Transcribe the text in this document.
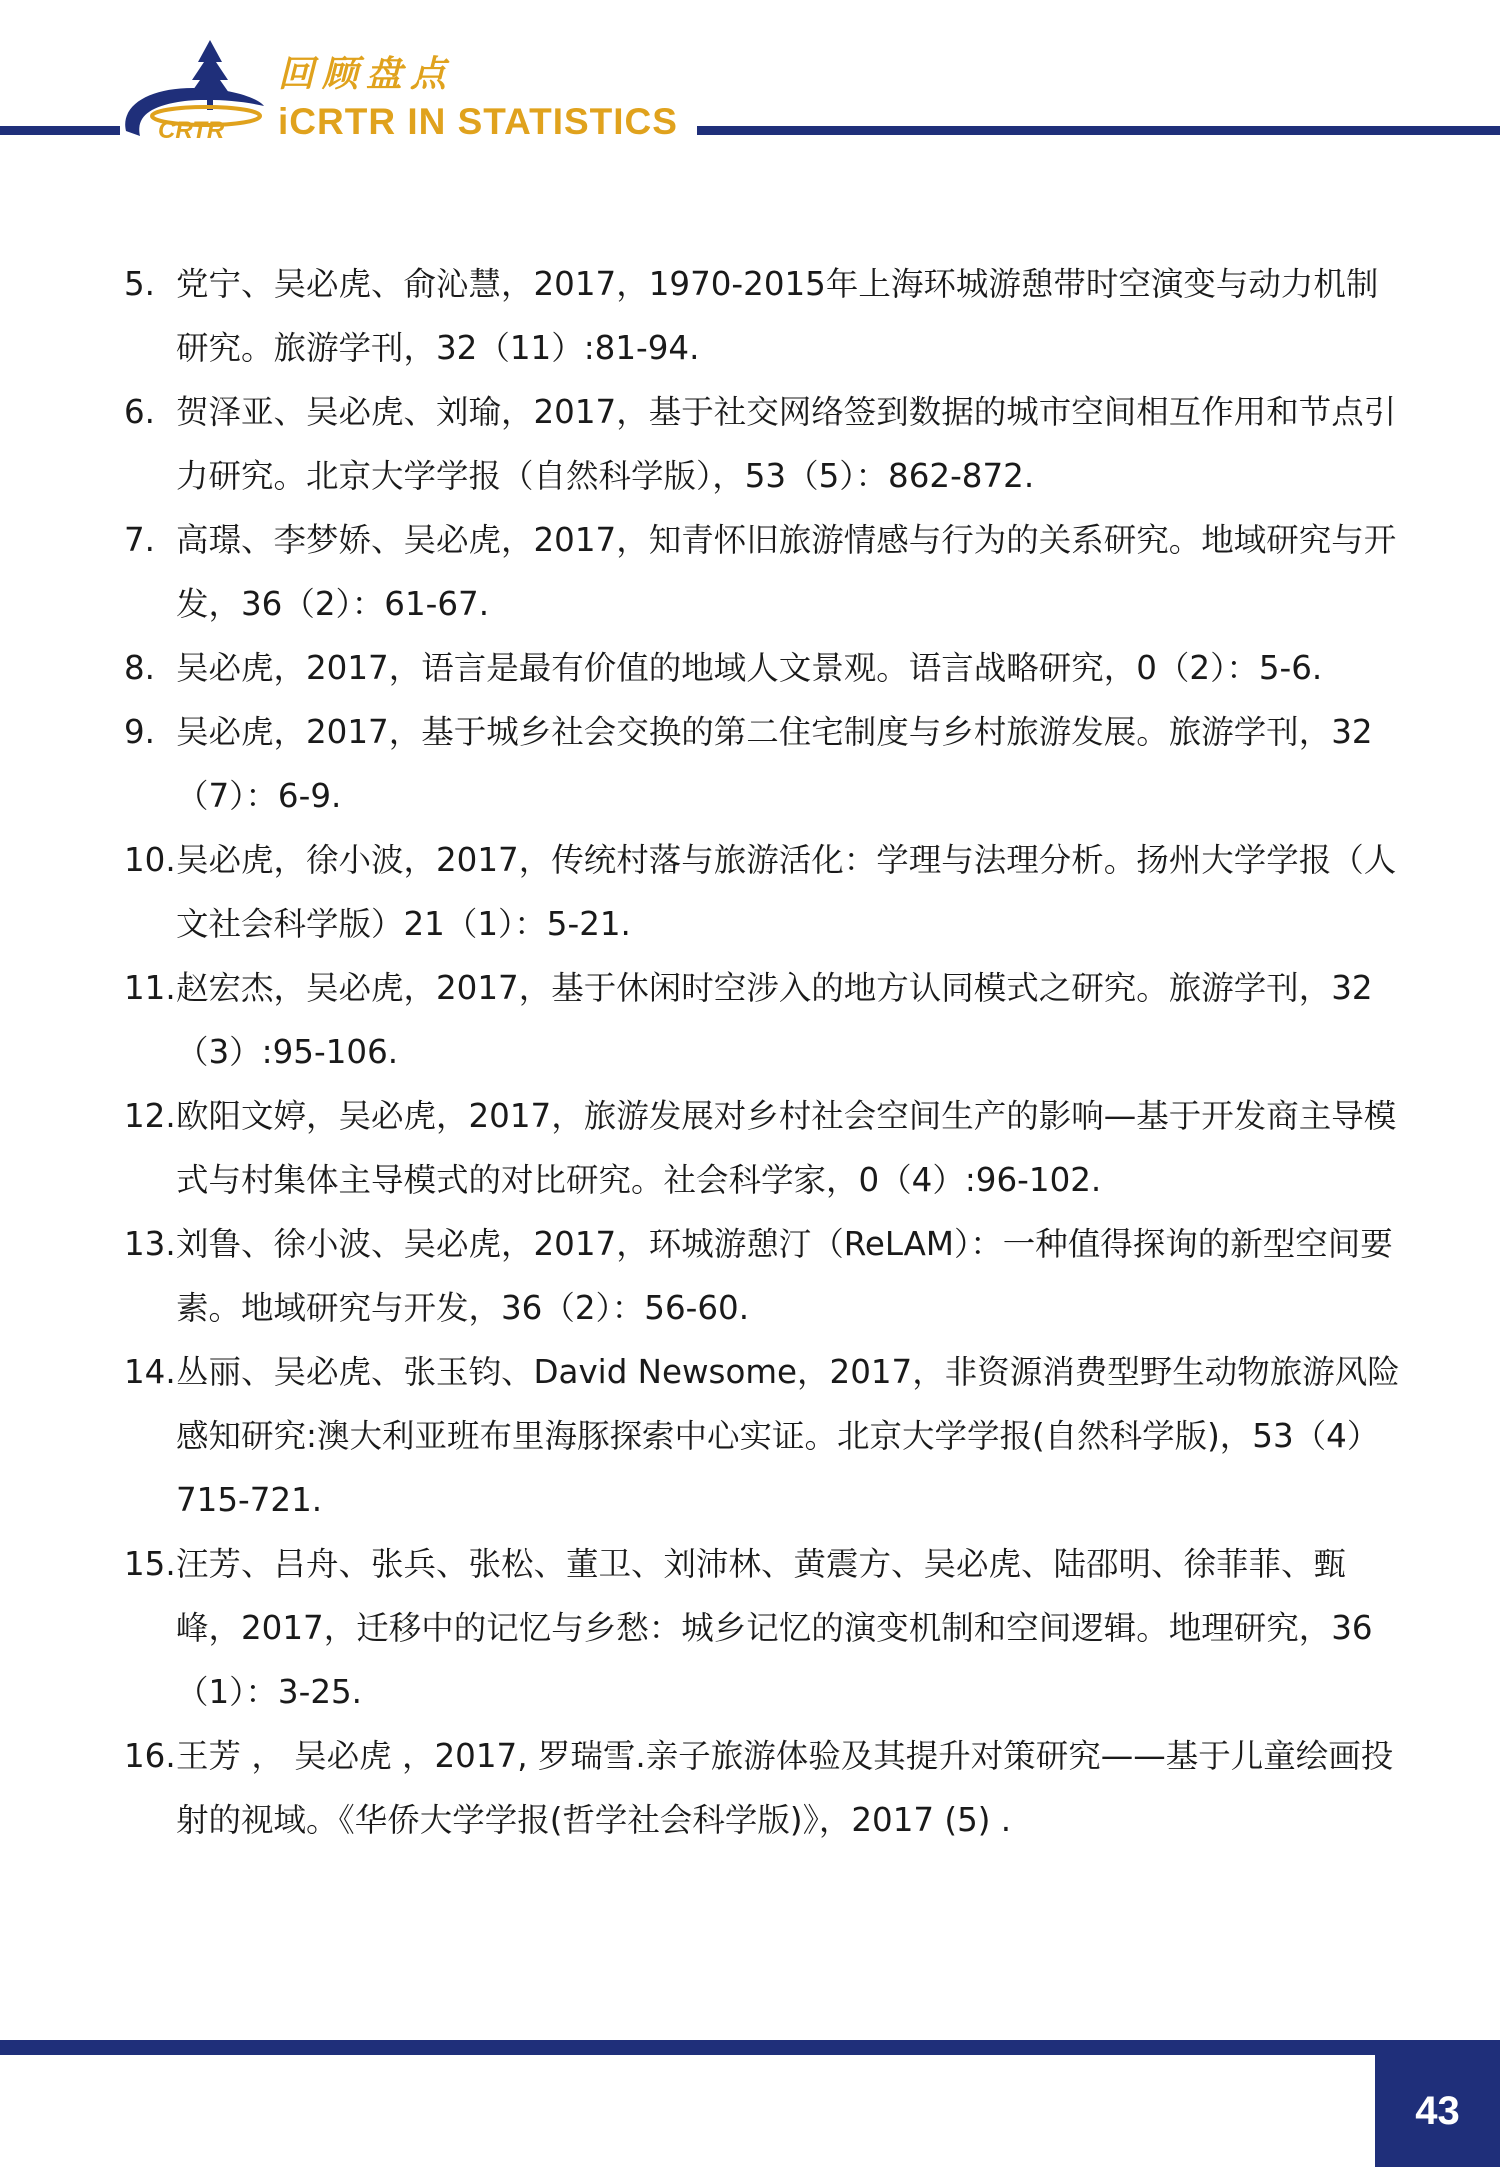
CRTR
回顾盘点
iCRTR IN STATISTICS
5. 党宁、吴必虎、俞沁慧，2017，1970-2015年上海环城游憩带时空演变与动力机制研究。旅游学刊，32（11）:81-94.
6. 贺泽亚、吴必虎、刘瑜，2017，基于社交网络签到数据的城市空间相互作用和节点引力研究。北京大学学报（自然科学版），53（5）：862-872.
7. 高璟、李梦娇、吴必虎，2017，知青怀旧旅游情感与行为的关系研究。地域研究与开发，36（2）：61-67.
8. 吴必虎，2017，语言是最有价值的地域人文景观。语言战略研究，0（2）：5-6.
9. 吴必虎，2017，基于城乡社会交换的第二住宅制度与乡村旅游发展。旅游学刊，32（7）：6-9.
10. 吴必虎，徐小波，2017，传统村落与旅游活化：学理与法理分析。扬州大学学报（人文社会科学版）21（1）：5-21.
11. 赵宏杰，吴必虎，2017，基于休闲时空涉入的地方认同模式之研究。旅游学刊，32（3）:95-106.
12. 欧阳文婷，吴必虎，2017，旅游发展对乡村社会空间生产的影响—基于开发商主导模式与村集体主导模式的对比研究。社会科学家，0（4）:96-102.
13. 刘鲁、徐小波、吴必虎，2017，环城游憩汀（ReLAM）：一种值得探询的新型空间要素。地域研究与开发，36（2）：56-60.
14. 丛丽、吴必虎、张玉钧、David Newsome，2017，非资源消费型野生动物旅游风险感知研究:澳大利亚班布里海豚探索中心实证。北京大学学报(自然科学版)，53（4）715-721.
15. 汪芳、吕舟、张兵、张松、董卫、刘沛林、黄震方、吴必虎、陆邵明、徐菲菲、甄峰，2017，迁移中的记忆与乡愁：城乡记忆的演变机制和空间逻辑。地理研究，36（1）：3-25.
16. 王芳 ， 吴必虎 ，2017, 罗瑞雪.亲子旅游体验及其提升对策研究——基于儿童绘画投射的视域。《华侨大学学报(哲学社会科学版)》，2017 (5) .
43
